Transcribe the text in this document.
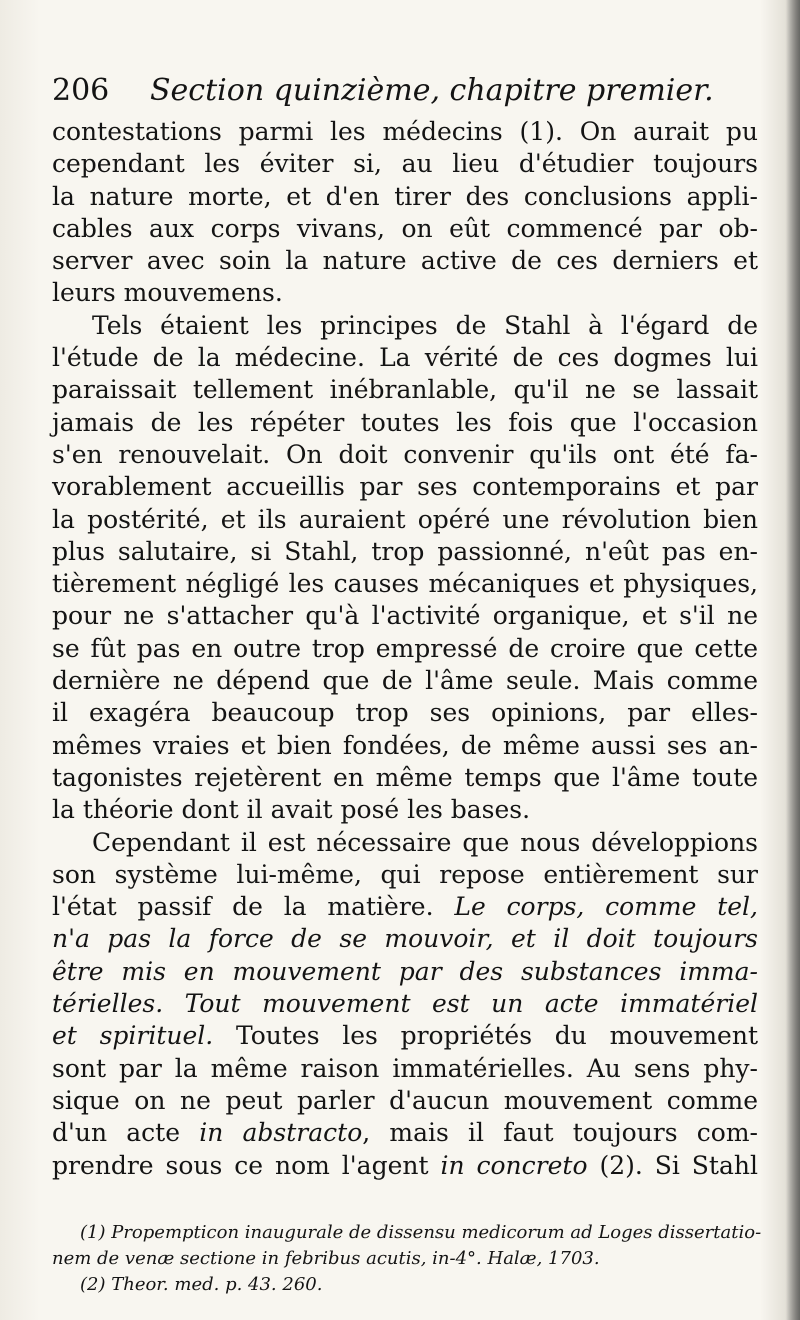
206 Section quinzième, chapitre premier.
contestations parmi les médecins (1). On aurait pu
cependant les éviter si, au lieu d'étudier toujours
la nature morte, et d'en tirer des conclusions appli-
cables aux corps vivans, on eût commencé par ob-
server avec soin la nature active de ces derniers et
leurs mouvemens.
Tels étaient les principes de Stahl à l'égard de
l'étude de la médecine. La vérité de ces dogmes lui
paraissait tellement inébranlable, qu'il ne se lassait
jamais de les répéter toutes les fois que l'occasion
s'en renouvelait. On doit convenir qu'ils ont été fa-
vorablement accueillis par ses contemporains et par
la postérité, et ils auraient opéré une révolution bien
plus salutaire, si Stahl, trop passionné, n'eût pas en-
tièrement négligé les causes mécaniques et physiques,
pour ne s'attacher qu'à l'activité organique, et s'il ne
se fût pas en outre trop empressé de croire que cette
dernière ne dépend que de l'âme seule. Mais comme
il exagéra beaucoup trop ses opinions, par elles-
mêmes vraies et bien fondées, de même aussi ses an-
tagonistes rejetèrent en même temps que l'âme toute
la théorie dont il avait posé les bases.
Cependant il est nécessaire que nous développions
son système lui-même, qui repose entièrement sur
l'état passif de la matière. Le corps, comme tel,
n'a pas la force de se mouvoir, et il doit toujours
être mis en mouvement par des substances imma-
térielles. Tout mouvement est un acte immatériel
et spirituel. Toutes les propriétés du mouvement
sont par la même raison immatérielles. Au sens phy-
sique on ne peut parler d'aucun mouvement comme
d'un acte in abstracto, mais il faut toujours com-
prendre sous ce nom l'agent in concreto (2). Si Stahl
(1) Propempticon inaugurale de dissensu medicorum ad Loges dissertatio-
nem de venæ sectione in febribus acutis, in-4°. Halæ, 1703.
(2) Theor. med. p. 43. 260.
